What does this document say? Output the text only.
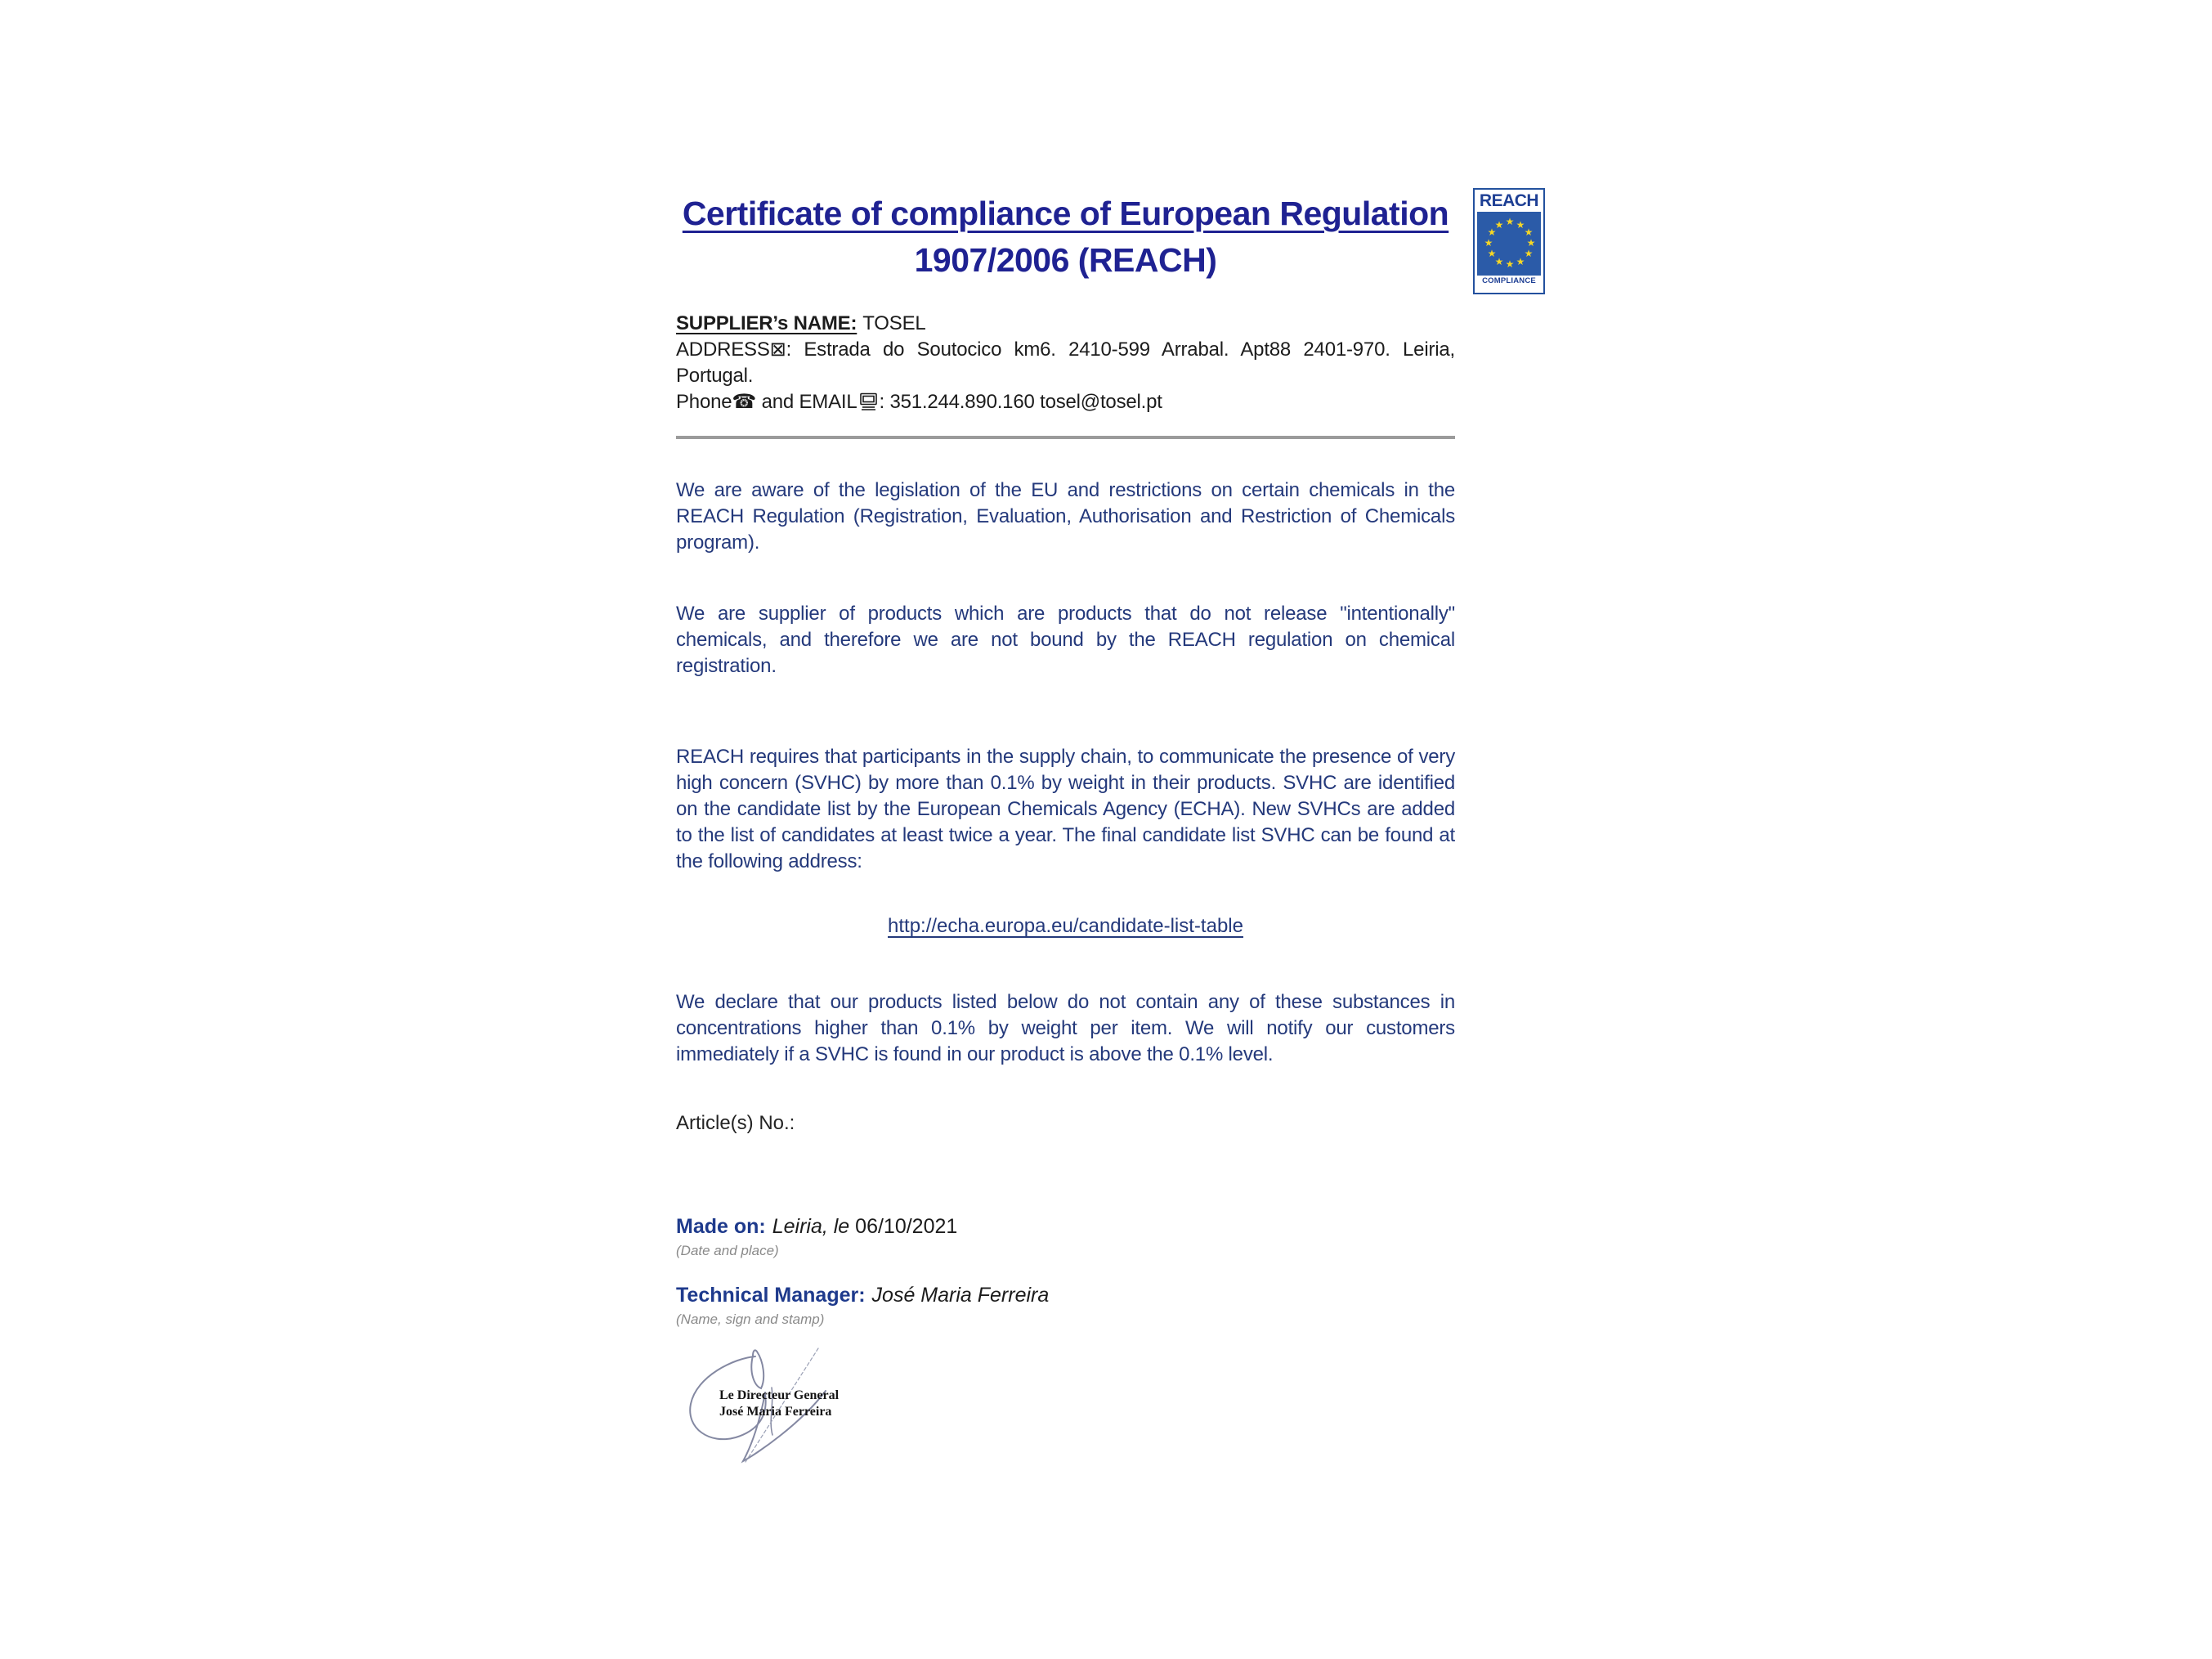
REACH
★ ★
★
★
★
★
★
★
★
★
★
★
COMPLIANCE
Certificate of compliance of European Regulation
1907/2006 (REACH)

SUPPLIER’s NAME: TOSEL

ADDRESS⊠: Estrada do Soutocico km6. 2410-599 Arrabal. Apt88 2401-970. Leiria, Portugal.

Phone☎ and EMAIL : 351.244.890.160 tosel@tosel.pt

We are aware of the legislation of the EU and restrictions on certain chemicals in the REACH Regulation (Registration, Evaluation, Authorisation and Restriction of Chemicals program).

We are supplier of products which are products that do not release "intentionally" chemicals, and therefore we are not bound by the REACH regulation on chemical registration.

REACH requires that participants in the supply chain, to communicate the presence of very high concern (SVHC) by more than 0.1% by weight in their products. SVHC are identified on the candidate list by the European Chemicals Agency (ECHA). New SVHCs are added to the list of candidates at least twice a year. The final candidate list SVHC can be found at the following address:

http://echa.europa.eu/candidate-list-table

We declare that our products listed below do not contain any of these substances in concentrations higher than 0.1% by weight per item. We will notify our customers immediately if a SVHC is found in our product is above the 0.1% level.

Article(s) No.:

Made on: Leiria, le 06/10/2021

(Date and place)

Technical Manager: José Maria Ferreira

(Name, sign and stamp)

Le Directeur General
José Maria Ferreira
